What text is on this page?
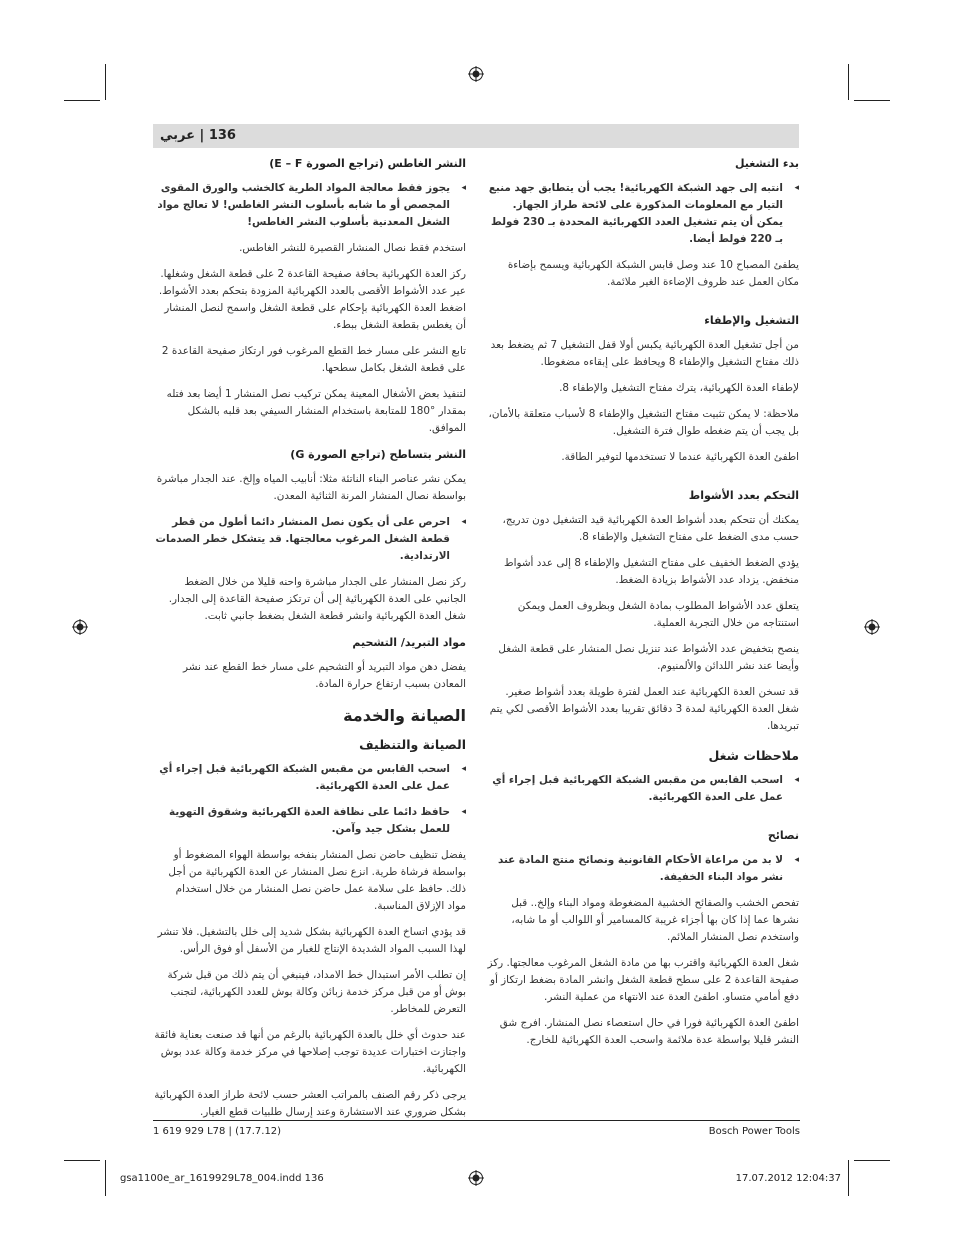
136 | عربي
بدء التشغيل
◂ انتبه إلى جهد الشبكة الكهربائية! يجب أن يتطابق جهد منبع التيار مع المعلومات المذكورة على لائحة طراز الجهاز. يمكن أن يتم تشغيل العدد الكهربائية المحددة بـ 230 فولط بـ 220 فولط أيضا.

يطفئ المصباح 10 عند وصل قابس الشبكة الكهربائية ويسمح بإضاءة مكان العمل عند ظروف الإضاءة الغير ملائمة.

التشغيل والإطفاء

من أجل تشغيل العدة الكهربائية يكبس أولا قفل التشغيل 7 ثم يضغط بعد ذلك مفتاح التشغيل والإطفاء 8 ويحافظ على إبقاءه مضغوطا.

لإطفاء العدة الكهربائية، يترك مفتاح التشغيل والإطفاء 8.

ملاحظة: لا يمكن تثبيت مفتاح التشغيل والإطفاء 8 لأسباب متعلقة بالأمان، بل يجب أن يتم ضغطه طوال فترة التشغيل.

اطفئ العدة الكهربائية عندما لا تستخدمها لتوفير الطاقة.

التحكم بعدد الأشواط

يمكنك أن تتحكم بعدد أشواط العدة الكهربائية قيد التشغيل دون تدريج، حسب مدى الضغط على مفتاح التشغيل والإطفاء 8.

يؤدي الضغط الخفيف على مفتاح التشغيل والإطفاء 8 إلى عدد أشواط منخفض. يزداد عدد الأشواط بزيادة الضغط.

يتعلق عدد الأشواط المطلوب بمادة الشغل وبظروف العمل ويمكن استنتاجه من خلال التجربة العملية.

ينصح بتخفيض عدد الأشواط عند تنزيل نصل المنشار على قطعة الشغل وأيضا عند نشر اللدائن والألمنيوم.

قد تسخن العدة الكهربائية عند العمل لفترة طويلة بعدد أشواط صغير. شغل العدة الكهربائية لمدة 3 دقائق تقريبا بعدد الأشواط الأقصى لكي يتم تبريدها.

ملاحظات شغل
◂ اسحب القابس من مقبس الشبكة الكهربائية قبل إجراء أي عمل على العدة الكهربائية.
نصائح
◂ لا بد من مراعاة الأحكام القانونية ونصائح منتج المادة عند نشر مواد البناء الخفيفة.

تفحص الخشب والصفائح الخشبية المضغوطة ومواد البناء وإلخ.. قبل نشرها عما إذا كان بها أجزاء غريبة كالمسامير أو اللوالب أو ما شابه، واستخدم نصل المنشار الملائم.

شغل العدة الكهربائية واقترب بها من مادة الشغل المرغوب معالجتها. ركز صفيحة القاعدة 2 على سطح قطعة الشغل وانشر المادة بضغط ارتكاز أو دفع أمامي متساو. اطفئ العدة عند الانتهاء من عملية النشر.

اطفئ العدة الكهربائية فورا في حال استعصاء نصل المنشار. افرج شق النشر قليلا بواسطة عدة ملائمة واسحب العدة الكهربائية للخارج.

النشر الغاطس (تراجع الصورة E – F)
◂ يجوز فقط معالجة المواد الطرية كالخشب والورق المقوى المجصص أو ما شابه بأسلوب النشر الغاطس! لا تعالج مواد الشغل المعدنية بأسلوب النشر الغاطس!

استخدم فقط نصال المنشار القصيرة للنشر الغاطس.

ركز العدة الكهربائية بحافة صفيحة القاعدة 2 على قطعة الشغل وشغلها. عير عدد الأشواط الأقصى بالعدد الكهربائية المزودة بتحكم بعدد الأشواط. اضغط العدة الكهربائية بإحكام على قطعة الشغل واسمح لنصل المنشار أن يغطس بقطعة الشغل ببطء.

تابع النشر على مسار خط القطع المرغوب فور ارتكاز صفيحة القاعدة 2 على قطعة الشغل بكامل سطحها.

لتنفيذ بعض الأشغال المعينة يمكن تركيب نصل المنشار 1 أيضا بعد فتله بمقدار °180 للمتابعة باستخدام المنشار السيفي بعد قلبه بالشكل الموافق.

النشر بتساطح (تراجع الصورة G)

يمكن نشر عناصر البناء الناتئة مثلا: أنابيب المياه وإلخ. عند الجدار مباشرة بواسطة نصال المنشار المرنة الثنائية المعدن.

◂ احرص على أن يكون نصل المنشار دائما أطول من قطر قطعة الشغل المرغوب معالجتها. قد يتشكل خطر الصدمات الارتدادية.

ركز نصل المنشار على الجدار مباشرة واحنه قليلا من خلال الضغط الجانبي على العدة الكهربائية إلى أن ترتكز صفيحة القاعدة إلى الجدار. شغل العدة الكهربائية وانشر قطعة الشغل بضغط جانبي ثابت.

مواد التبريد/ التشحيم

يفضل دهن مواد التبريد أو التشحيم على مسار خط القطع عند نشر المعادن بسبب ارتفاع حرارة المادة.

الصيانة والخدمة
الصيانة والتنظيف
◂ اسحب القابس من مقبس الشبكة الكهربائية قبل إجراء أي عمل على العدة الكهربائية.
◂ حافظ دائما على نظافة العدة الكهربائية وشقوق التهوية للعمل بشكل جيد وآمن.

يفضل تنظيف حاضن نصل المنشار بنفخه بواسطة الهواء المضغوط أو بواسطة فرشاة طرية. انزع نصل المنشار عن العدة الكهربائية من أجل ذلك. حافظ على سلامة عمل حاضن نصل المنشار من خلال استخدام مواد الإزلاق المناسبة.

قد يؤدي اتساخ العدة الكهربائية بشكل شديد إلى خلل بالتشغيل. فلا تنشر لهذا السبب المواد الشديدة الإنتاج للغبار من الأسفل أو فوق الرأس.

إن تطلب الأمر استبدال خط الامداد، فينبغي أن يتم ذلك من قبل شركة بوش أو من قبل مركز خدمة زبائن وكالة بوش للعدد الكهربائية، لتجنب التعرض للمخاطر.

عند حدوث أي خلل بالعدة الكهربائية بالرغم من أنها قد صنعت بعناية فائقة واجتازت اختبارات عديدة توجب إصلاحها في مركز خدمة وكالة عدد بوش الكهربائية.

يرجى ذكر رقم الصنف بالمراتب العشر حسب لائحة طراز العدة الكهربائية بشكل ضروري عند الاستشارة وعند إرسال طلبيات قطع الغيار.

1 619 929 L78 | (17.7.12)	Bosch Power Tools
gsa1100e_ar_1619929L78_004.indd 136	17.07.2012 12:04:37
